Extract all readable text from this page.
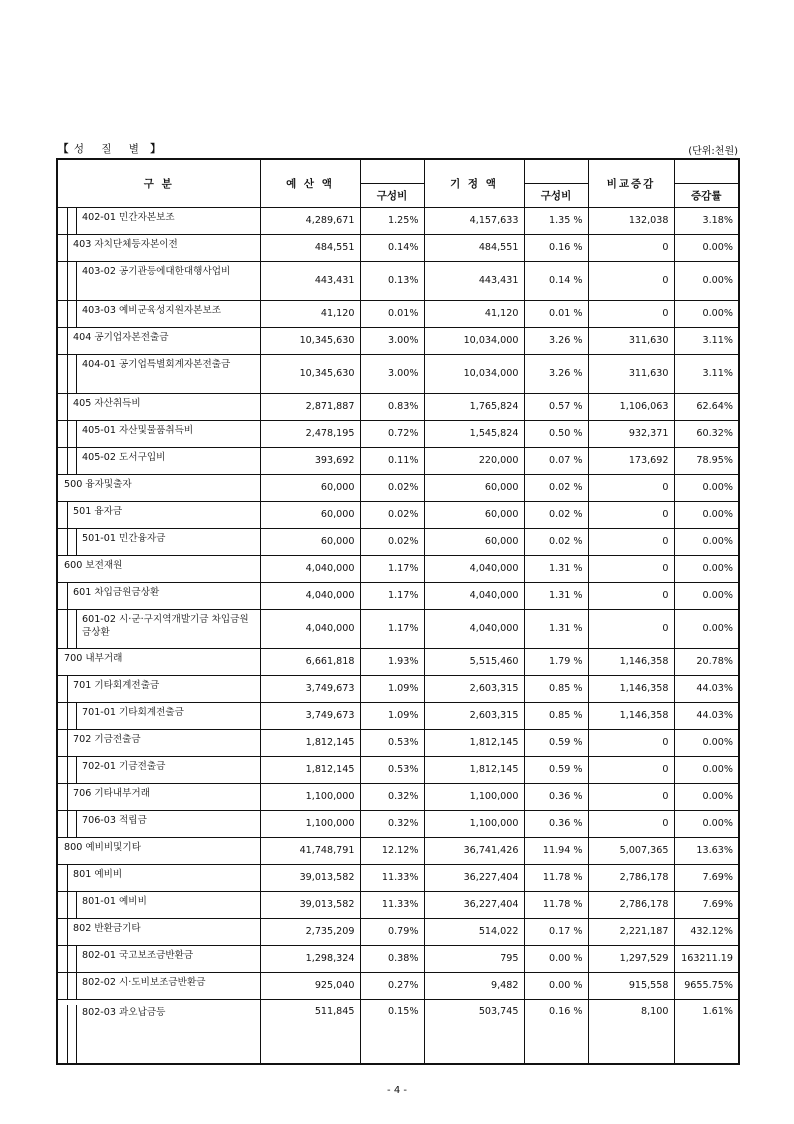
【 성 질 별 】	(단위:천원)
구 분	예 산 액		기 정 액		비교증감	
		구성비		구성비		증감률

402-01 민간자본보조	4,289,671	1.25%	4,157,633	1.35 %	132,038	3.18%

403 자치단체등자본이전	484,551	0.14%	484,551	0.16 %	0	0.00%

403-02 공기관등에대한대행사업비	443,431	0.13%	443,431	0.14 %	0	0.00%

403-03 예비군육성지원자본보조	41,120	0.01%	41,120	0.01 %	0	0.00%

404 공기업자본전출금	10,345,630	3.00%	10,034,000	3.26 %	311,630	3.11%

404-01 공기업특별회계자본전출금	10,345,630	3.00%	10,034,000	3.26 %	311,630	3.11%

405 자산취득비	2,871,887	0.83%	1,765,824	0.57 %	1,106,063	62.64%

405-01 자산및물품취득비	2,478,195	0.72%	1,545,824	0.50 %	932,371	60.32%

405-02 도서구입비	393,692	0.11%	220,000	0.07 %	173,692	78.95%

500 융자및출자	60,000	0.02%	60,000	0.02 %	0	0.00%

501 융자금	60,000	0.02%	60,000	0.02 %	0	0.00%

501-01 민간융자금	60,000	0.02%	60,000	0.02 %	0	0.00%

600 보전재원	4,040,000	1.17%	4,040,000	1.31 %	0	0.00%

601 차입금원금상환	4,040,000	1.17%	4,040,000	1.31 %	0	0.00%

601-02 시·군·구지역개발기금 차입금원금상환	4,040,000	1.17%	4,040,000	1.31 %	0	0.00%

700 내부거래	6,661,818	1.93%	5,515,460	1.79 %	1,146,358	20.78%

701 기타회계전출금	3,749,673	1.09%	2,603,315	0.85 %	1,146,358	44.03%

701-01 기타회계전출금	3,749,673	1.09%	2,603,315	0.85 %	1,146,358	44.03%

702 기금전출금	1,812,145	0.53%	1,812,145	0.59 %	0	0.00%

702-01 기금전출금	1,812,145	0.53%	1,812,145	0.59 %	0	0.00%

706 기타내부거래	1,100,000	0.32%	1,100,000	0.36 %	0	0.00%

706-03 적립금	1,100,000	0.32%	1,100,000	0.36 %	0	0.00%

800 예비비및기타	41,748,791	12.12%	36,741,426	11.94 %	5,007,365	13.63%

801 예비비	39,013,582	11.33%	36,227,404	11.78 %	2,786,178	7.69%

801-01 예비비	39,013,582	11.33%	36,227,404	11.78 %	2,786,178	7.69%

802 반환금기타	2,735,209	0.79%	514,022	0.17 %	2,221,187	432.12%

802-01 국고보조금반환금	1,298,324	0.38%	795	0.00 %	1,297,529	163211.19

802-02 시·도비보조금반환금	925,040	0.27%	9,482	0.00 %	915,558	9655.75%

802-03 과오납금등	511,845	0.15%	503,745	0.16 %	8,100	1.61%
- 4 -
